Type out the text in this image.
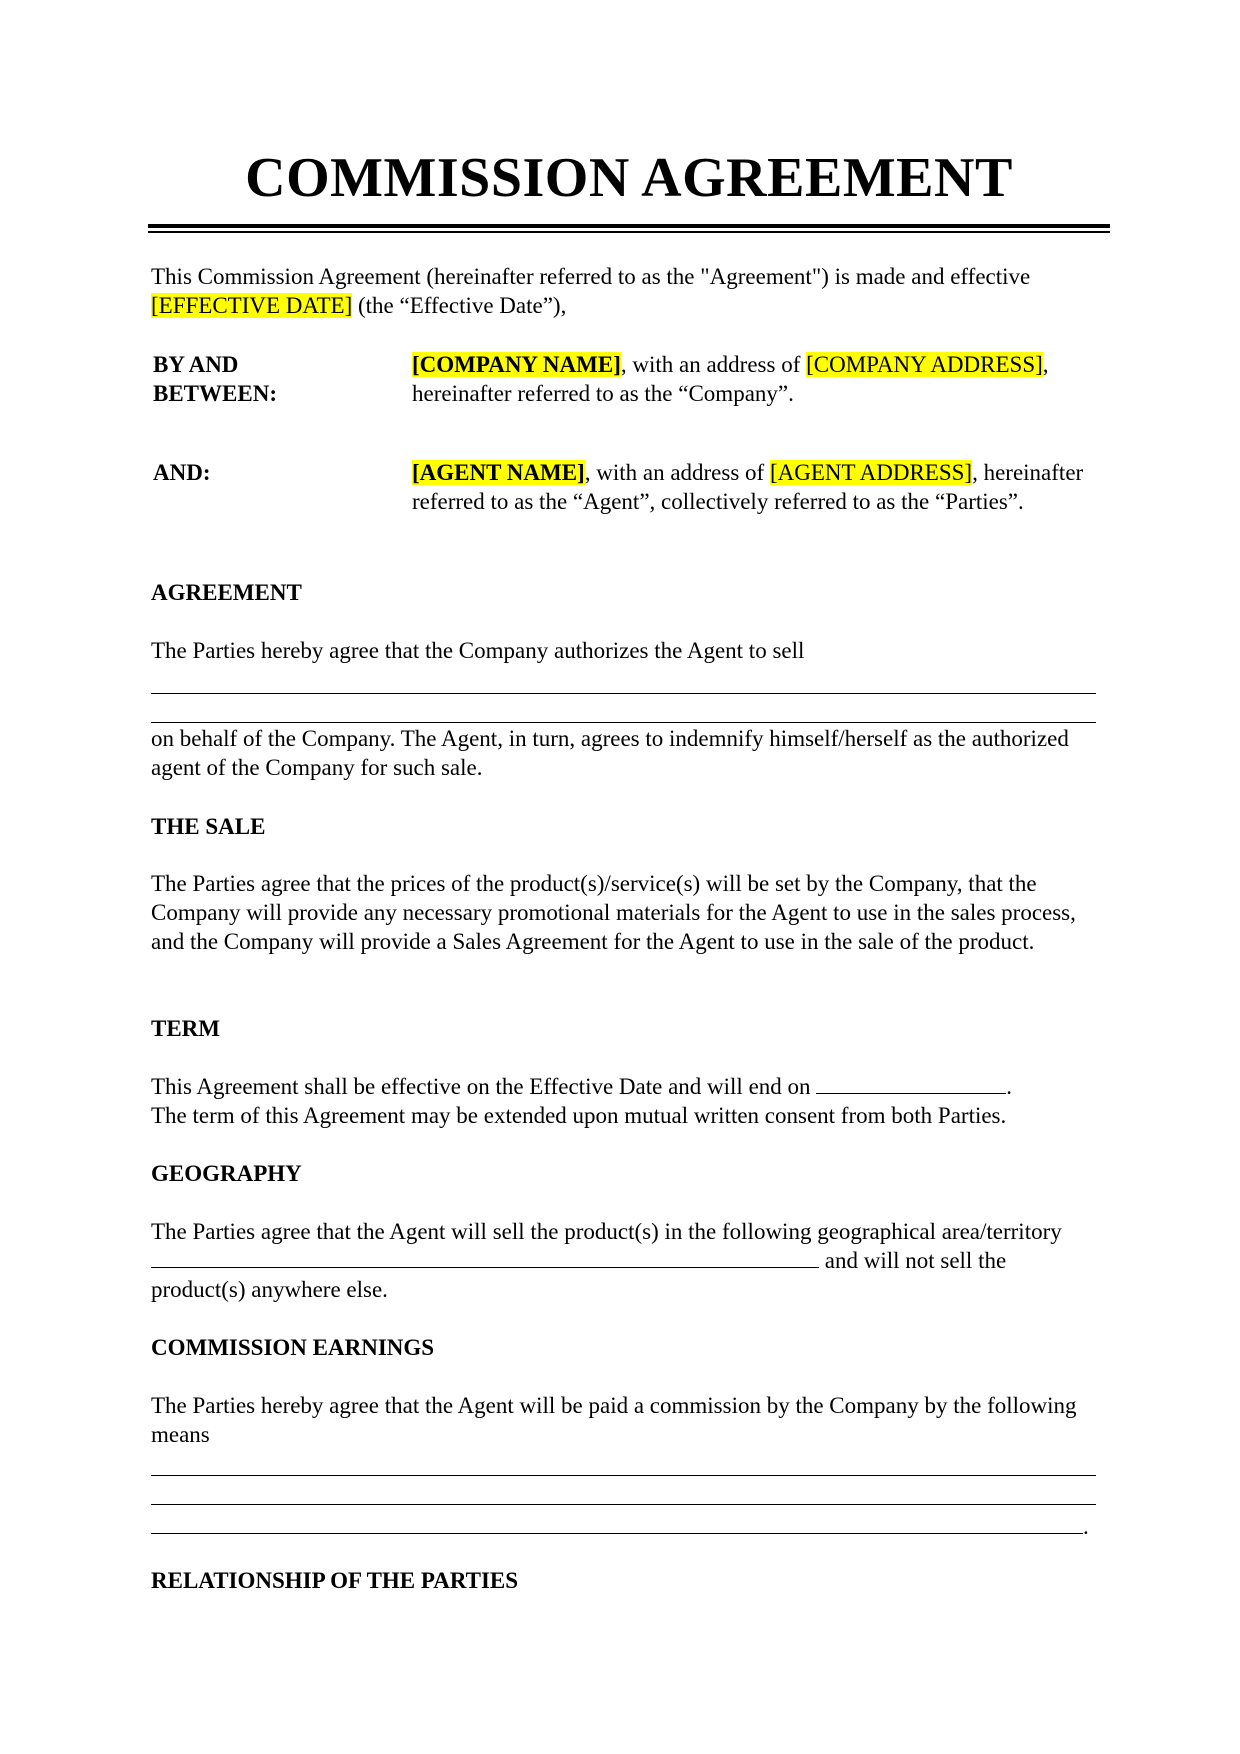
COMMISSION AGREEMENT

This Commission Agreement (hereinafter referred to as the "Agreement") is made and effective [EFFECTIVE DATE] (the “Effective Date”),

BY AND
BETWEEN:

[COMPANY NAME], with an address of [COMPANY ADDRESS], hereinafter referred to as the “Company”.

AND:	[AGENT NAME], with an address of [AGENT ADDRESS], hereinafter referred to as the “Agent”, collectively referred to as the “Parties”.

AGREEMENT

The Parties hereby agree that the Company authorizes the Agent to sell

on behalf of the Company. The Agent, in turn, agrees to indemnify himself/herself as the authorized agent of the Company for such sale.

THE SALE

The Parties agree that the prices of the product(s)/service(s) will be set by the Company, that the Company will provide any necessary promotional materials for the Agent to use in the sales process, and the Company will provide a Sales Agreement for the Agent to use in the sale of the product.

TERM

This Agreement shall be effective on the Effective Date and will end on	.
The term of this Agreement may be extended upon mutual written consent from both Parties.

GEOGRAPHY

The Parties agree that the Agent will sell the product(s) in the following geographical area/territory  and will not sell the product(s) anywhere else.

COMMISSION EARNINGS

The Parties hereby agree that the Agent will be paid a commission by the Company by the following means

.

RELATIONSHIP OF THE PARTIES
